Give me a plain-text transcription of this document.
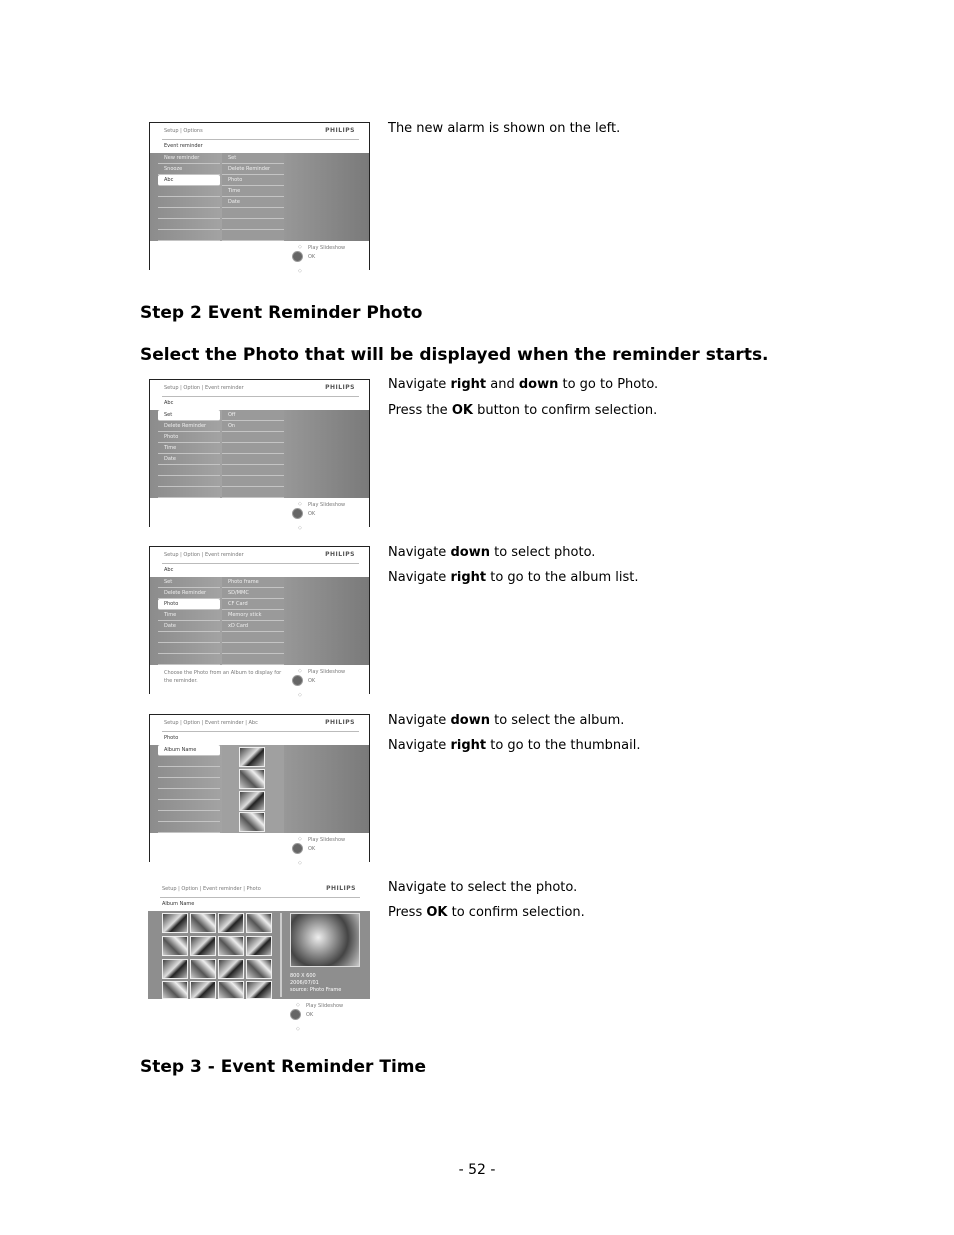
Setup | Options	PHILIPS
Event reminder
New reminder
Snooze
Abc
Set
Delete Reminder
Photo
Time
Date
◇

◇
Play Slideshow
OK

The new alarm is shown on the left.

Step 2 Event Reminder Photo
Select the Photo that will be displayed when the reminder starts.
Setup | Option | Event reminder	PHILIPS
Abc
Set
Delete Reminder
Photo
Time
Date
Off
On
◇

◇
Play Slideshow
OK

Navigate right and down to go to Photo.

Press the OK button to confirm selection.

Setup | Option | Event reminder	PHILIPS
Abc
Set
Delete Reminder
Photo
Time
Date
Photo frame
SD/MMC
CF Card
Memory stick
xD Card
Choose the Photo from an Album to display for the reminder.
◇

◇
Play Slideshow
OK

Navigate down to select photo.

Navigate right to go to the album list.

Setup | Option | Event reminder | Abc	PHILIPS
Photo
Album Name
◇

◇
Play Slideshow
OK

Navigate down to select the album.

Navigate right to go to the thumbnail.

Setup | Option | Event reminder | Photo	PHILIPS
Album Name
800 X 600
2006/07/01
source: Photo Frame
◇

◇
Play Slideshow
OK

Navigate to select the photo.

Press OK to confirm selection.

Step 3 - Event Reminder Time
- 52 -
